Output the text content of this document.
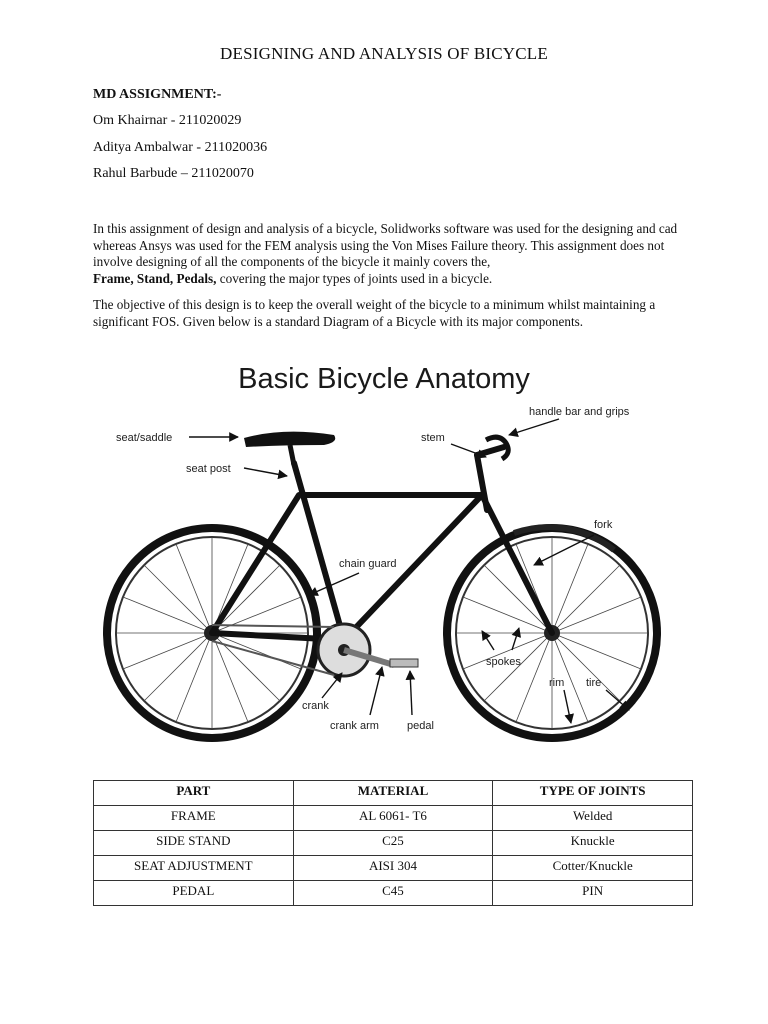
DESIGNING AND ANALYSIS OF BICYCLE
MD ASSIGNMENT:-
Om Khairnar - 211020029
Aditya Ambalwar - 211020036
Rahul Barbude – 211020070
In this assignment of design and analysis of a bicycle, Solidworks software was used for the designing and cad whereas Ansys was used for the FEM analysis using the Von Mises Failure theory. This assignment does not involve designing of all the components of the bicycle it mainly covers the,
Frame, Stand, Pedals, covering the major types of joints used in a bicycle.
The objective of this design is to keep the overall weight of the bicycle to a minimum whilst maintaining a significant FOS. Given below is a standard Diagram of a Bicycle with its major components.
Basic Bicycle Anatomy
seat/saddle
seat post
stem
handle bar and grips
fork
chain guard
spokes
rim tire
crank
crank arm	pedal
PART	MATERIAL	TYPE OF JOINTS
FRAME	AL 6061- T6	Welded
SIDE STAND	C25	Knuckle
SEAT ADJUSTMENT	AISI 304	Cotter/Knuckle
PEDAL	C45	PIN
